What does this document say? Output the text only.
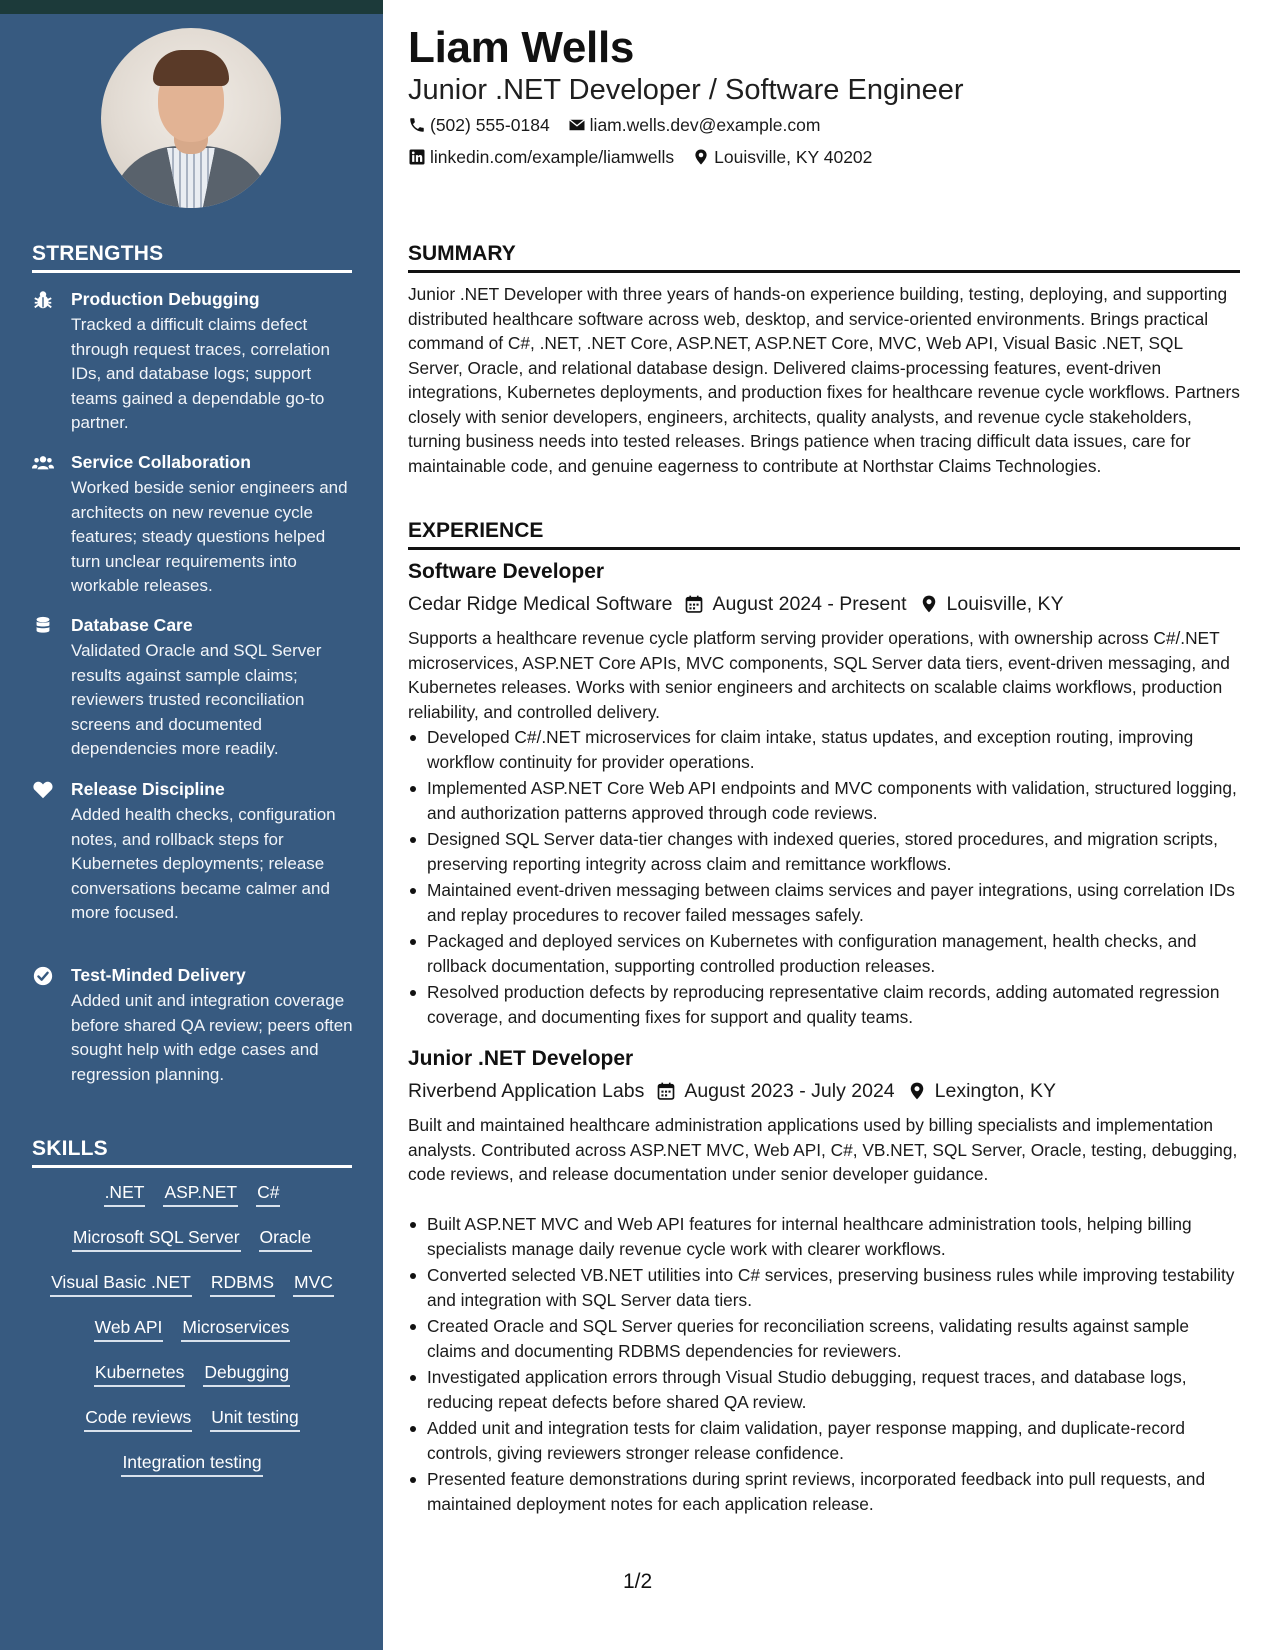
STRENGTHS
Production Debugging
Tracked a difficult claims defect through request traces, correlation IDs, and database logs; support teams gained a dependable go-to partner.
Service Collaboration
Worked beside senior engineers and architects on new revenue cycle features; steady questions helped turn unclear requirements into workable releases.
Database Care
Validated Oracle and SQL Server results against sample claims; reviewers trusted reconciliation screens and documented dependencies more readily.
Release Discipline
Added health checks, configuration notes, and rollback steps for Kubernetes deployments; release conversations became calmer and more focused.
Test-Minded Delivery
Added unit and integration coverage before shared QA review; peers often sought help with edge cases and regression planning.
SKILLS
.NET ASP.NET C#
Microsoft SQL Server Oracle
Visual Basic .NET RDBMS MVC
Web API Microservices
Kubernetes Debugging
Code reviews Unit testing
Integration testing
Liam Wells
Junior .NET Developer / Software Engineer
(502) 555-0184 liam.wells.dev@example.com
linkedin.com/example/liamwells Louisville, KY 40202
SUMMARY
Junior .NET Developer with three years of hands-on experience building, testing, deploying, and supporting distributed healthcare software across web, desktop, and service-oriented environments. Brings practical command of C#, .NET, .NET Core, ASP.NET, ASP.NET Core, MVC, Web API, Visual Basic .NET, SQL Server, Oracle, and relational database design. Delivered claims-processing features, event-driven integrations, Kubernetes deployments, and production fixes for healthcare revenue cycle workflows. Partners closely with senior developers, engineers, architects, quality analysts, and revenue cycle stakeholders, turning business needs into tested releases. Brings patience when tracing difficult data issues, care for maintainable code, and genuine eagerness to contribute at Northstar Claims Technologies.
EXPERIENCE
Software Developer
Cedar Ridge Medical Software August 2024 - Present Louisville, KY
Supports a healthcare revenue cycle platform serving provider operations, with ownership across C#/.NET microservices, ASP.NET Core APIs, MVC components, SQL Server data tiers, event-driven messaging, and Kubernetes releases. Works with senior engineers and architects on scalable claims workflows, production reliability, and controlled delivery.
Developed C#/.NET microservices for claim intake, status updates, and exception routing, improving workflow continuity for provider operations.
Implemented ASP.NET Core Web API endpoints and MVC components with validation, structured logging, and authorization patterns approved through code reviews.
Designed SQL Server data-tier changes with indexed queries, stored procedures, and migration scripts, preserving reporting integrity across claim and remittance workflows.
Maintained event-driven messaging between claims services and payer integrations, using correlation IDs and replay procedures to recover failed messages safely.
Packaged and deployed services on Kubernetes with configuration management, health checks, and rollback documentation, supporting controlled production releases.
Resolved production defects by reproducing representative claim records, adding automated regression coverage, and documenting fixes for support and quality teams.
Junior .NET Developer
Riverbend Application Labs August 2023 - July 2024 Lexington, KY
Built and maintained healthcare administration applications used by billing specialists and implementation analysts. Contributed across ASP.NET MVC, Web API, C#, VB.NET, SQL Server, Oracle, testing, debugging, code reviews, and release documentation under senior developer guidance.
Built ASP.NET MVC and Web API features for internal healthcare administration tools, helping billing specialists manage daily revenue cycle work with clearer workflows.
Converted selected VB.NET utilities into C# services, preserving business rules while improving testability and integration with SQL Server data tiers.
Created Oracle and SQL Server queries for reconciliation screens, validating results against sample claims and documenting RDBMS dependencies for reviewers.
Investigated application errors through Visual Studio debugging, request traces, and database logs, reducing repeat defects before shared QA review.
Added unit and integration tests for claim validation, payer response mapping, and duplicate-record controls, giving reviewers stronger release confidence.
Presented feature demonstrations during sprint reviews, incorporated feedback into pull requests, and maintained deployment notes for each application release.
1/2
